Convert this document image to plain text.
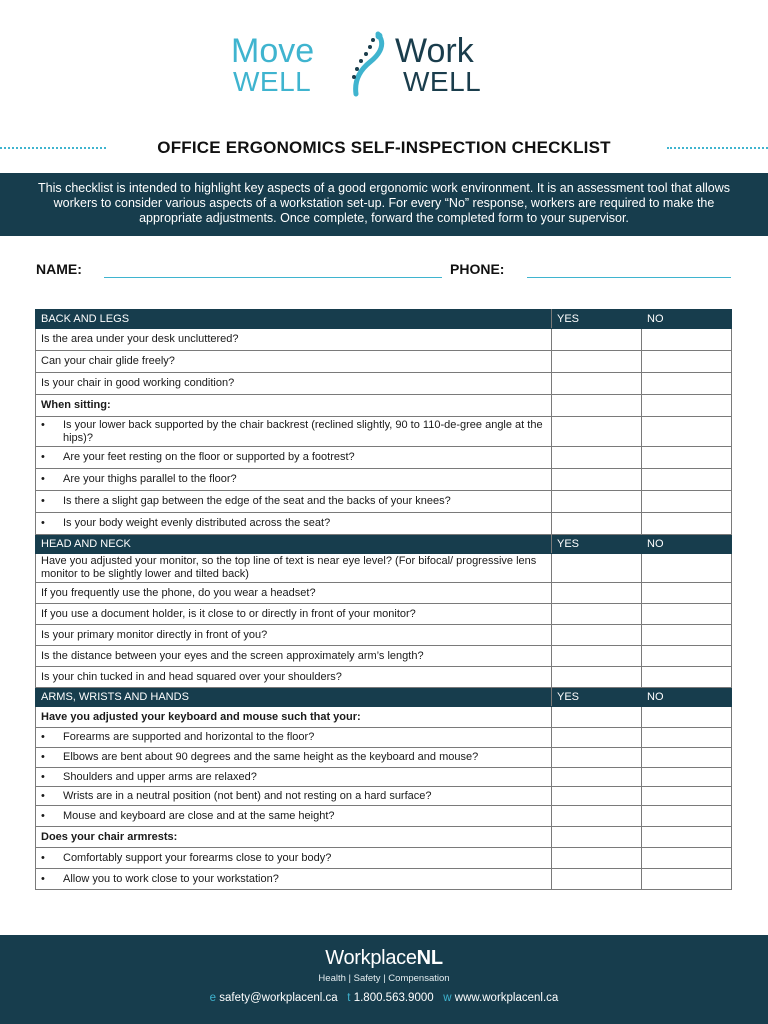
Move
WELL
Work
WELL
OFFICE ERGONOMICS SELF-INSPECTION CHECKLIST
This checklist is intended to highlight key aspects of a good ergonomic work environment. It is an assessment tool that allows workers to consider various aspects of a workstation set-up. For every “No” response, workers are required to make the appropriate adjustments. Once complete, forward the completed form to your supervisor.
NAME:	PHONE:
BACK AND LEGS	YES	NO
Is the area under your desk uncluttered?		
Can your chair glide freely?		
Is your chair in good working condition?		
When sitting:		

• Is your lower back supported by the chair backrest (reclined slightly, 90 to 110-de-gree angle at the hips)?		

• Are your feet resting on the floor or supported by a footrest?		

• Are your thighs parallel to the floor?		

• Is there a slight gap between the edge of the seat and the backs of your knees?		

• Is your body weight evenly distributed across the seat?		

HEAD AND NECK	YES	NO
Have you adjusted your monitor, so the top line of text is near eye level? (For bifocal/ progressive lens monitor to be slightly lower and tilted back)		
If you frequently use the phone, do you wear a headset?		
If you use a document holder, is it close to or directly in front of your monitor?		
Is your primary monitor directly in front of you?		
Is the distance between your eyes and the screen approximately arm’s length?		
Is your chin tucked in and head squared over your shoulders?		
ARMS, WRISTS AND HANDS	YES	NO
Have you adjusted your keyboard and mouse such that your:		

• Forearms are supported and horizontal to the floor?		

• Elbows are bent about 90 degrees and the same height as the keyboard and mouse?		

• Shoulders and upper arms are relaxed?		

• Wrists are in a neutral position (not bent) and not resting on a hard surface?		

• Mouse and keyboard are close and at the same height?		

Does your chair armrests:		

• Comfortably support your forearms close to your body?		

• Allow you to work close to your workstation?		

WorkplaceNL
Health | Safety | Compensation
e safety@workplacenl.ca t 1.800.563.9000 w www.workplacenl.ca
